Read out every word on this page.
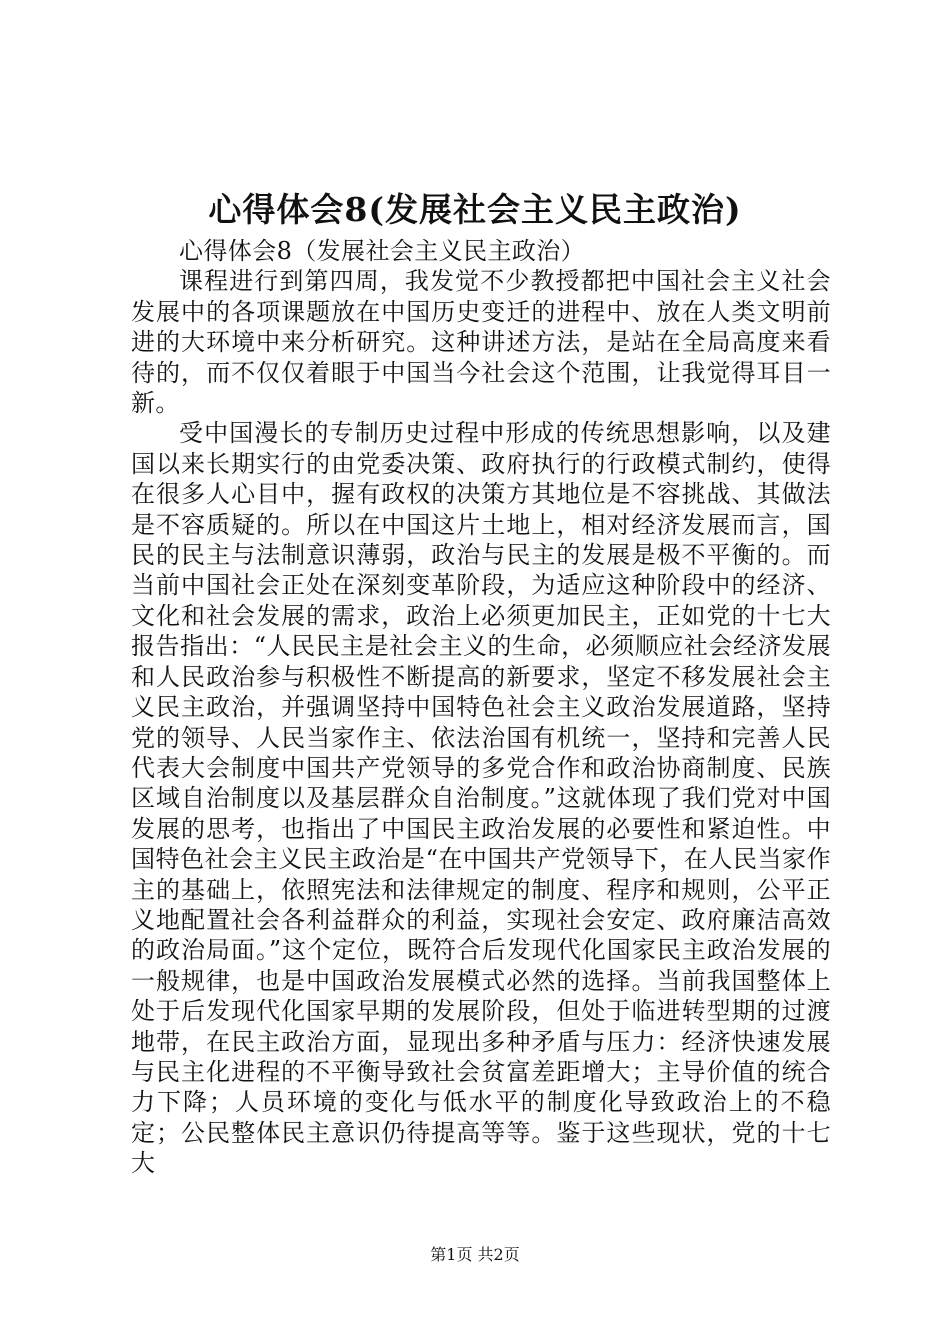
心得体会8(发展社会主义民主政治)

心得体会8（发展社会主义民主政治）

课程进行到第四周，我发觉不少教授都把中国社会主义社会发展中的各项课题放在中国历史变迁的进程中、放在人类文明前进的大环境中来分析研究。这种讲述方法，是站在全局高度来看待的，而不仅仅着眼于中国当今社会这个范围，让我觉得耳目一新。

受中国漫长的专制历史过程中形成的传统思想影响，以及建国以来长期实行的由党委决策、政府执行的行政模式制约，使得在很多人心目中，握有政权的决策方其地位是不容挑战、其做法是不容质疑的。所以在中国这片土地上，相对经济发展而言，国民的民主与法制意识薄弱，政治与民主的发展是极不平衡的。而当前中国社会正处在深刻变革阶段，为适应这种阶段中的经济、文化和社会发展的需求，政治上必须更加民主，正如党的十七大报告指出：“人民民主是社会主义的生命，必须顺应社会经济发展和人民政治参与积极性不断提高的新要求，坚定不移发展社会主义民主政治，并强调坚持中国特色社会主义政治发展道路，坚持党的领导、人民当家作主、依法治国有机统一，坚持和完善人民代表大会制度中国共产党领导的多党合作和政治协商制度、民族区域自治制度以及基层群众自治制度。”这就体现了我们党对中国发展的思考，也指出了中国民主政治发展的必要性和紧迫性。中国特色社会主义民主政治是“在中国共产党领导下，在人民当家作主的基础上，依照宪法和法律规定的制度、程序和规则，公平正义地配置社会各利益群众的利益，实现社会安定、政府廉洁高效的政治局面。”这个定位，既符合后发现代化国家民主政治发展的一般规律，也是中国政治发展模式必然的选择。当前我国整体上处于后发现代化国家早期的发展阶段，但处于临进转型期的过渡地带，在民主政治方面，显现出多种矛盾与压力：经济快速发展与民主化进程的不平衡导致社会贫富差距增大；主导价值的统合力下降；人员环境的变化与低水平的制度化导致政治上的不稳定；公民整体民主意识仍待提高等等。鉴于这些现状，党的十七大

第1页 共2页
